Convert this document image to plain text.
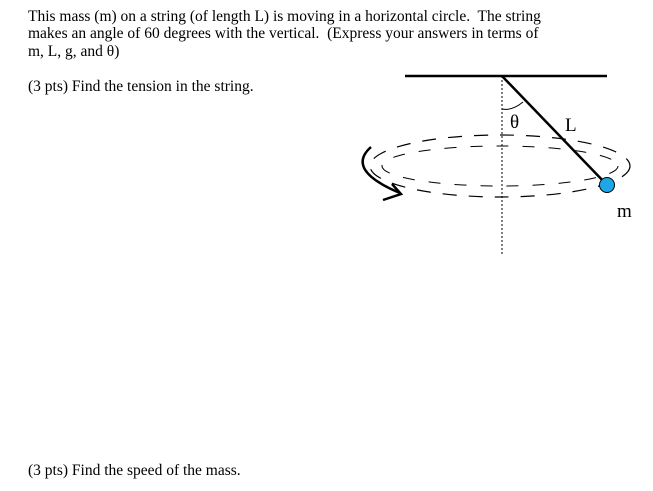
This mass (m) on a string (of length L) is moving in a horizontal circle.  The string
makes an angle of 60 degrees with the vertical.  (Express your answers in terms of
m, L, g, and θ)
(3 pts) Find the tension in the string.
(3 pts) Find the speed of the mass.
θ L
m
